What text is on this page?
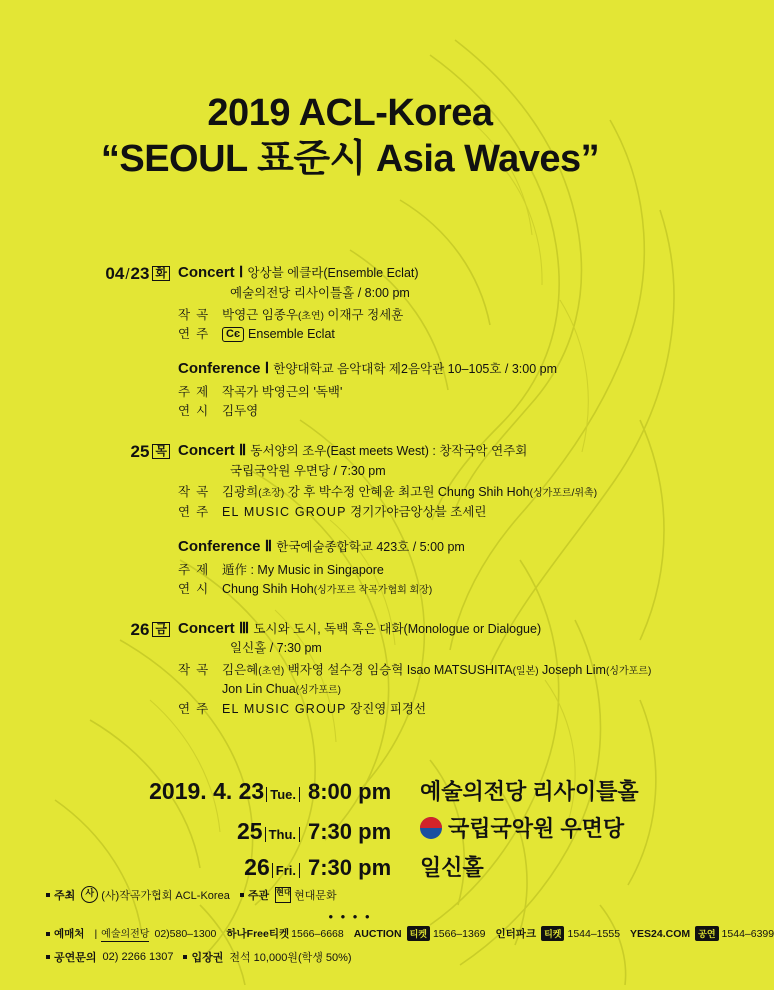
2019 ACL-Korea
“SEOUL 표준시 Asia Waves”
04/23 화 Concert Ⅰ 앙상블 에클라(Ensemble Eclat)
예술의전당 리사이틀홀 / 8:00 pm
작곡 박영근 임종우(초연) 이재구 정세훈
연주	Cє Ensemble Eclat
Conference Ⅰ 한양대학교 음악대학 제2음악관 10–105호 / 3:00 pm
주제 작곡가 박영근의 '독백'
연시 김두영
25 목 Concert Ⅱ 동서양의 조우(East meets West) : 창작국악 연주회
국립국악원 우면당 / 7:30 pm
작곡 김광희(초장) 강 후 박수정 안혜윤 최고원 Chung Shih Hoh(싱가포르/위촉)
연주 EL MUSIC GROUP 경기가야금앙상블 조세린
Conference Ⅱ 한국예술종합학교 423호 / 5:00 pm
주제 遁作 : My Music in Singapore
연시 Chung Shih Hoh(싱가포르 작곡가협회 회장)
26 금 Concert Ⅲ 도시와 도시, 독백 혹은 대화(Monologue or Dialogue)
일신홀 / 7:30 pm
작곡 김은혜(초연) 백자영 설수경 임승혁 Isao MATSUSHITA(일본) Joseph Lim(싱가포르)
Jon Lin Chua(싱가포르)
연주 EL MUSIC GROUP 장진영 피경선
2019. 4. 23 Tue. 8:00 pm	예술의전당 리사이틀홀
25 Thu. 7:30 pm	국립국악원 우면당
26 Fri. 7:30 pm	일신홀
주최	사 (사)작곡가협회 ACL-Korea 주관 현대 현대문화
• • • •
예매처 | 예술의전당 02)580–1300 하나Free티켓 1566–6668 AUCTION 티켓 1566–1369 인터파크 티켓 1544–1555 YES24.COM 공연 1544–6399
공연문의 02) 2266 1307 입장권 전석 10,000원(학생 50%)
